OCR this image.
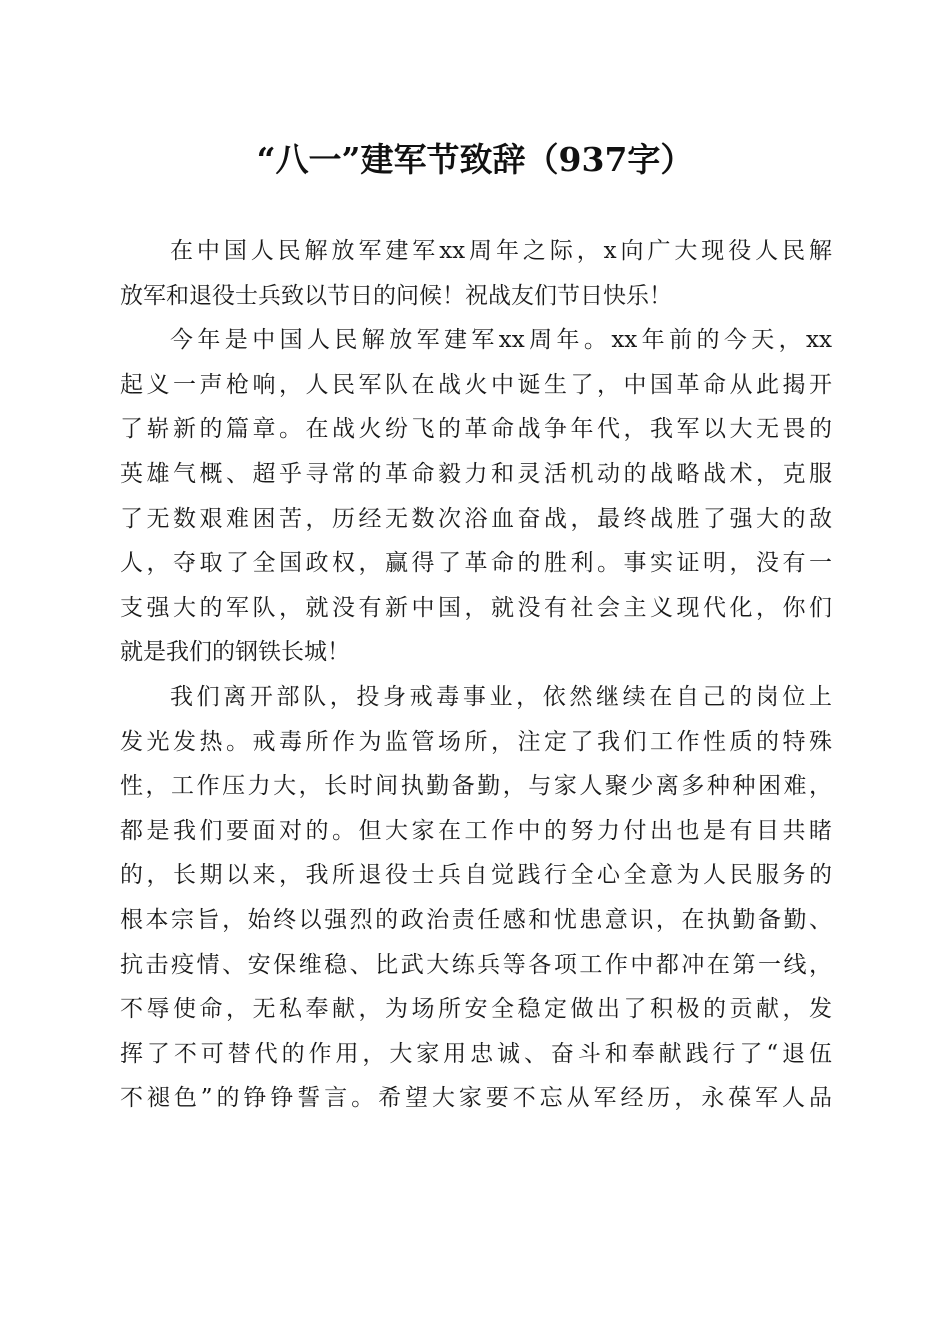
“八一”建军节致辞（937字）
在中国人民解放军建军xx周年之际，x向广大现役人民解
放军和退役士兵致以节日的问候！祝战友们节日快乐！
今年是中国人民解放军建军xx周年。xx年前的今天，xx
起义一声枪响，人民军队在战火中诞生了，中国革命从此揭开
了崭新的篇章。在战火纷飞的革命战争年代，我军以大无畏的
英雄气概、超乎寻常的革命毅力和灵活机动的战略战术，克服
了无数艰难困苦，历经无数次浴血奋战，最终战胜了强大的敌
人，夺取了全国政权，赢得了革命的胜利。事实证明，没有一
支强大的军队，就没有新中国，就没有社会主义现代化，你们
就是我们的钢铁长城！
我们离开部队，投身戒毒事业，依然继续在自己的岗位上
发光发热。戒毒所作为监管场所，注定了我们工作性质的特殊
性，工作压力大，长时间执勤备勤，与家人聚少离多种种困难，
都是我们要面对的。但大家在工作中的努力付出也是有目共睹
的，长期以来，我所退役士兵自觉践行全心全意为人民服务的
根本宗旨，始终以强烈的政治责任感和忧患意识，在执勤备勤、
抗击疫情、安保维稳、比武大练兵等各项工作中都冲在第一线，
不辱使命，无私奉献，为场所安全稳定做出了积极的贡献，发
挥了不可替代的作用，大家用忠诚、奋斗和奉献践行了“退伍
不褪色”的铮铮誓言。希望大家要不忘从军经历，永葆军人品
